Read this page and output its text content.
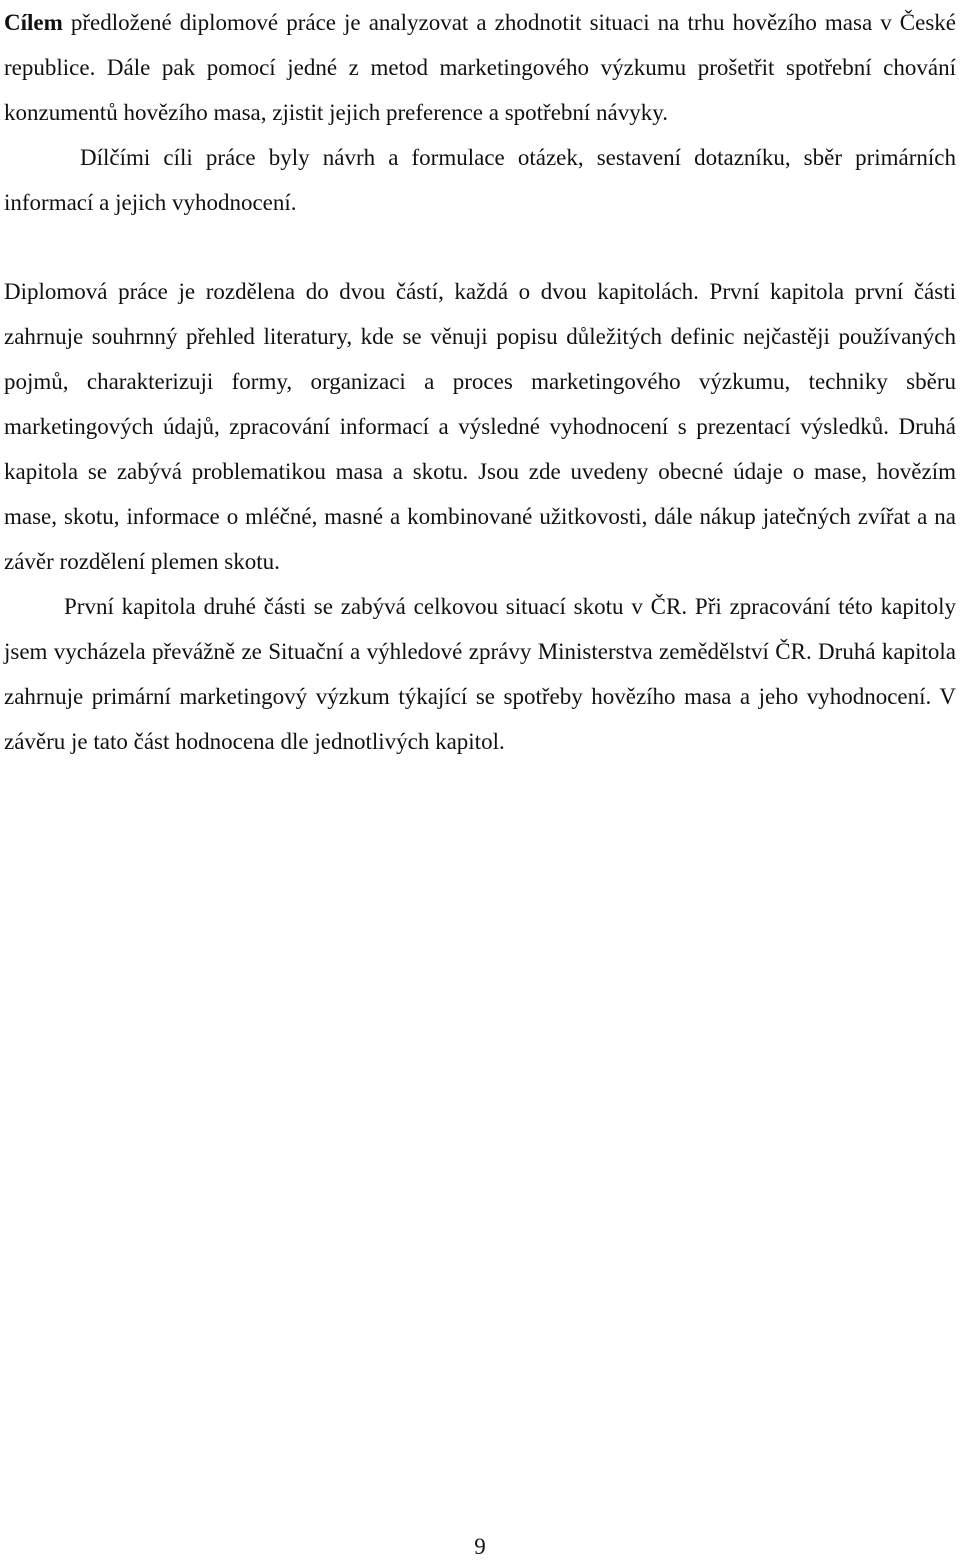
Cílem předložené diplomové práce je analyzovat a zhodnotit situaci na trhu hovězího masa v České republice. Dále pak pomocí jedné z metod marketingového výzkumu prošetřit spotřební chování konzumentů hovězího masa, zjistit jejich preference a spotřební návyky.

Dílčími cíli práce byly návrh a formulace otázek, sestavení dotazníku, sběr primárních informací a jejich vyhodnocení.

Diplomová práce je rozdělena do dvou částí, každá o dvou kapitolách. První kapitola první části zahrnuje souhrnný přehled literatury, kde se věnuji popisu důležitých definic nejčastěji používaných pojmů, charakterizuji formy, organizaci a proces marketingového výzkumu, techniky sběru marketingových údajů, zpracování informací a výsledné vyhodnocení s prezentací výsledků. Druhá kapitola se zabývá problematikou masa a skotu. Jsou zde uvedeny obecné údaje o mase, hovězím mase, skotu, informace o mléčné, masné a kombinované užitkovosti, dále nákup jatečných zvířat a na závěr rozdělení plemen skotu.

První kapitola druhé části se zabývá celkovou situací skotu v ČR. Při zpracování této kapitoly jsem vycházela převážně ze Situační a výhledové zprávy Ministerstva zemědělství ČR. Druhá kapitola zahrnuje primární marketingový výzkum týkající se spotřeby hovězího masa a jeho vyhodnocení. V závěru je tato část hodnocena dle jednotlivých kapitol.

9
